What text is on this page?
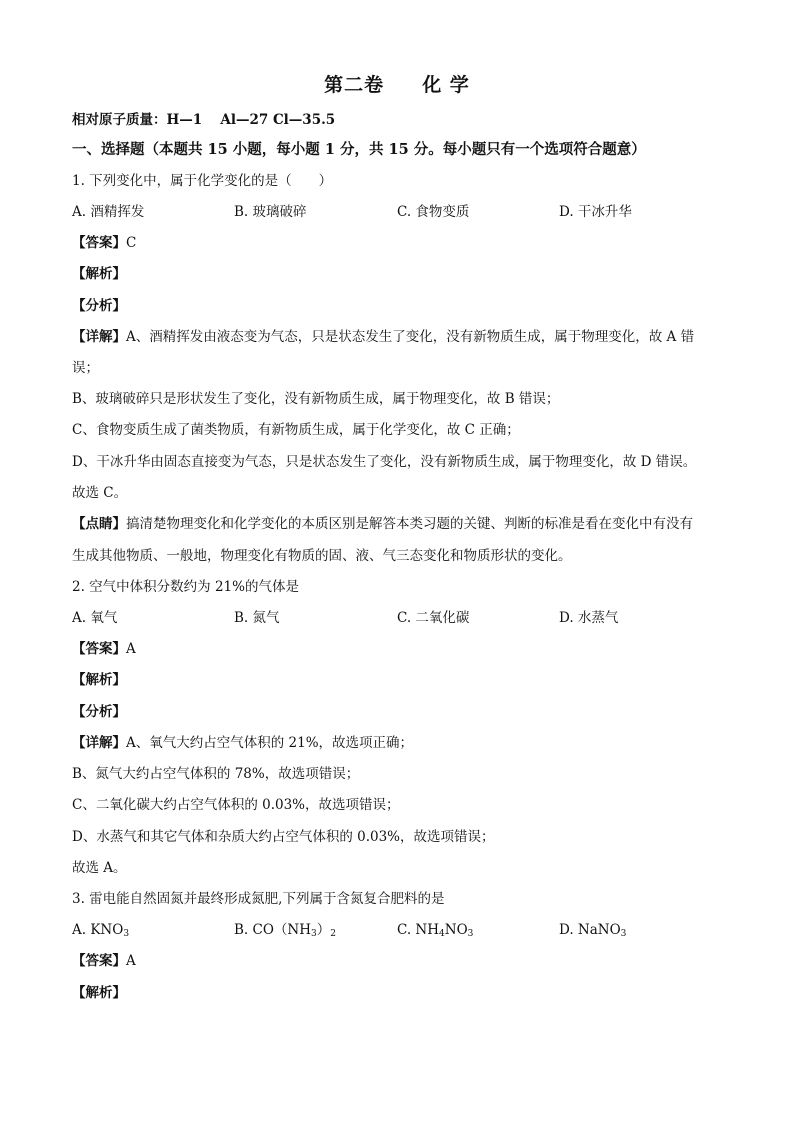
第二卷 化 学
相对原子质量：H—1　 Al—27 Cl—35.5
一、选择题（本题共 15 小题，每小题 1 分，共 15 分。每小题只有一个选项符合题意）
1. 下列变化中，属于化学变化的是（　　）
A. 酒精挥发	B. 玻璃破碎	C. 食物变质	D. 干冰升华
【答案】C
【解析】
【分析】
【详解】A、酒精挥发由液态变为气态，只是状态发生了变化，没有新物质生成，属于物理变化，故 A 错
误；
B、玻璃破碎只是形状发生了变化，没有新物质生成，属于物理变化，故 B 错误；
C、食物变质生成了菌类物质，有新物质生成，属于化学变化，故 C 正确；
D、干冰升华由固态直接变为气态，只是状态发生了变化，没有新物质生成，属于物理变化，故 D 错误。
故选 C。
【点睛】搞清楚物理变化和化学变化的本质区别是解答本类习题的关键、判断的标准是看在变化中有没有
生成其他物质、一般地，物理变化有物质的固、液、气三态变化和物质形状的变化。
2. 空气中体积分数约为 21%的气体是
A. 氧气	B. 氮气	C. 二氧化碳	D. 水蒸气
【答案】A
【解析】
【分析】
【详解】A、氧气大约占空气体积的 21%，故选项正确；
B、氮气大约占空气体积的 78%，故选项错误；
C、二氧化碳大约占空气体积的 0.03%，故选项错误；
D、水蒸气和其它气体和杂质大约占空气体积的 0.03%，故选项错误；
故选 A。
3. 雷电能自然固氮并最终形成氮肥,下列属于含氮复合肥料的是
A. $KNO_3$	B. $CO(NH_3)_2$	C. $NH_4NO_3$	D. NaNO$_3$
【答案】A
【解析】
